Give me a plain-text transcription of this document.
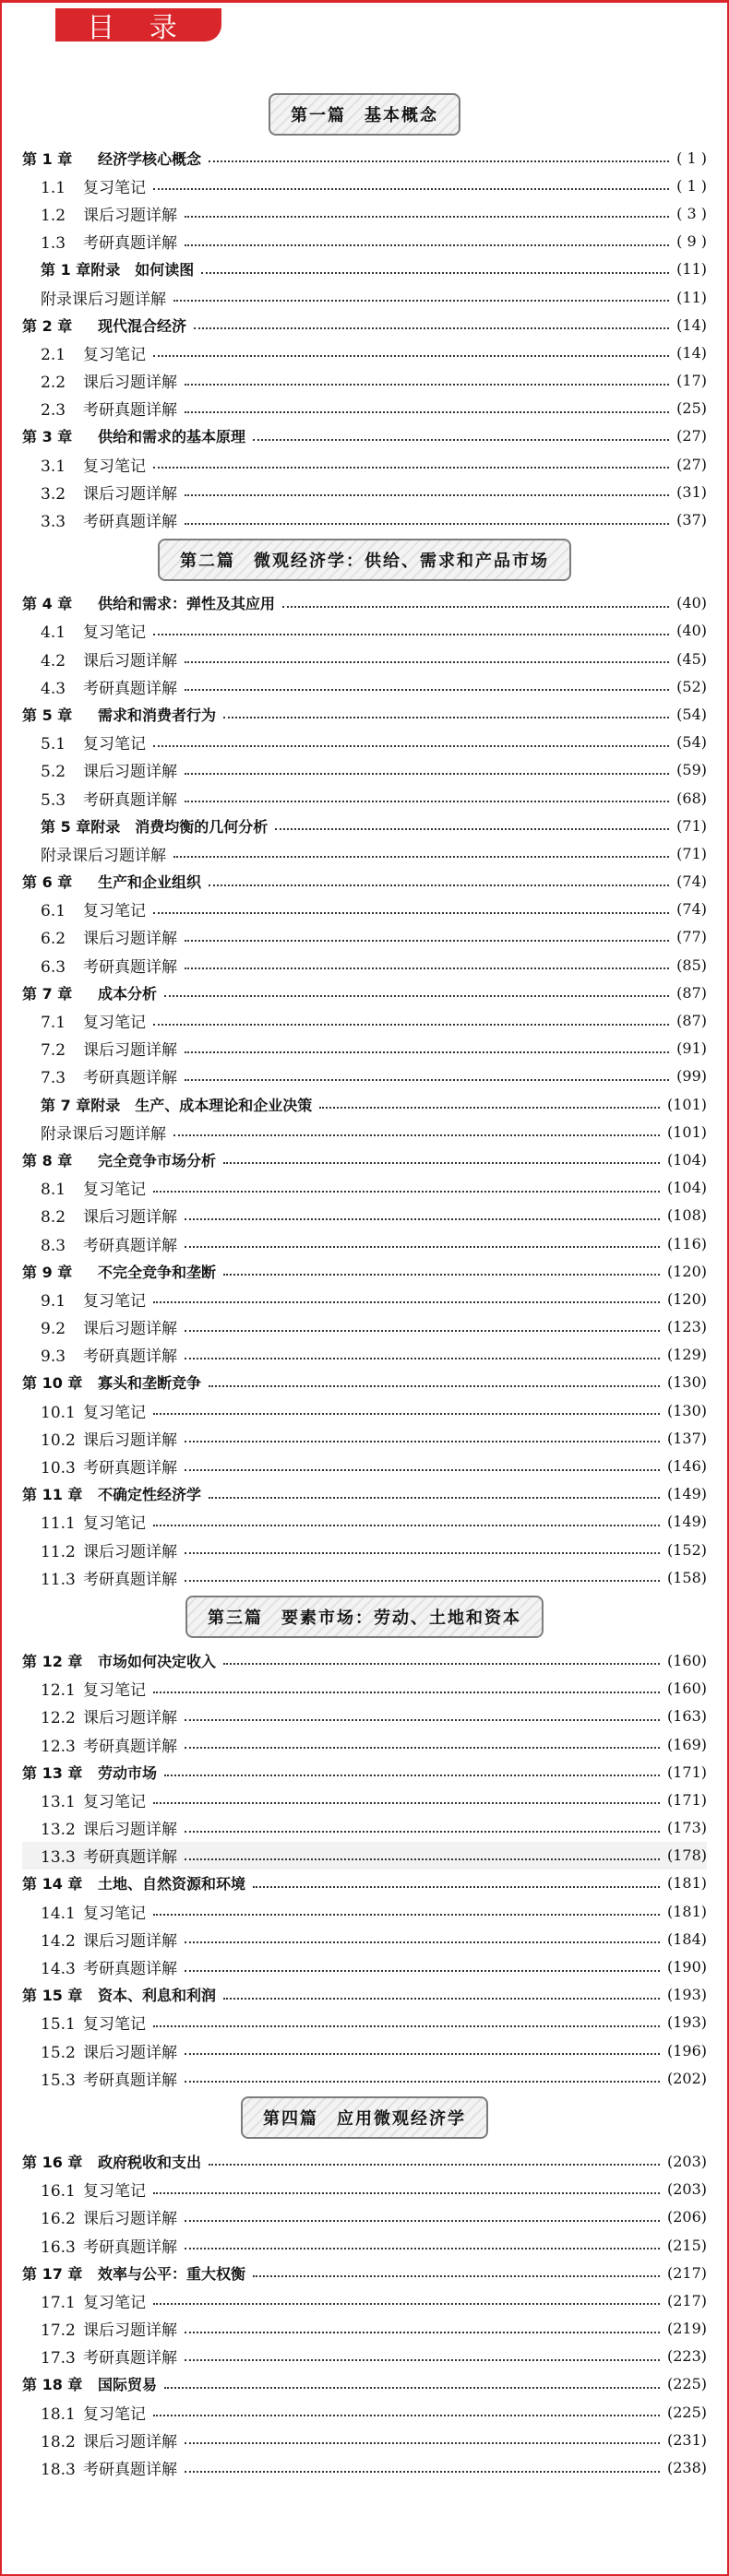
目 录
第一篇　基本概念
第 1 章 经济学核心概念	( 1 )
1.1 复习笔记	( 1 )
1.2 课后习题详解	( 3 )
1.3 考研真题详解	( 9 )
第 1 章附录　如何读图	(11)
附录课后习题详解	(11)
第 2 章 现代混合经济	(14)
2.1 复习笔记	(14)
2.2 课后习题详解	(17)
2.3 考研真题详解	(25)
第 3 章 供给和需求的基本原理	(27)
3.1 复习笔记	(27)
3.2 课后习题详解	(31)
3.3 考研真题详解	(37)
第二篇　微观经济学：供给、需求和产品市场
第 4 章 供给和需求：弹性及其应用	(40)
4.1 复习笔记	(40)
4.2 课后习题详解	(45)
4.3 考研真题详解	(52)
第 5 章 需求和消费者行为	(54)
5.1 复习笔记	(54)
5.2 课后习题详解	(59)
5.3 考研真题详解	(68)
第 5 章附录　消费均衡的几何分析	(71)
附录课后习题详解	(71)
第 6 章 生产和企业组织	(74)
6.1 复习笔记	(74)
6.2 课后习题详解	(77)
6.3 考研真题详解	(85)
第 7 章 成本分析	(87)
7.1 复习笔记	(87)
7.2 课后习题详解	(91)
7.3 考研真题详解	(99)
第 7 章附录　生产、成本理论和企业决策	(101)
附录课后习题详解	(101)
第 8 章 完全竞争市场分析	(104)
8.1 复习笔记	(104)
8.2 课后习题详解	(108)
8.3 考研真题详解	(116)
第 9 章 不完全竞争和垄断	(120)
9.1 复习笔记	(120)
9.2 课后习题详解	(123)
9.3 考研真题详解	(129)
第 10 章 寡头和垄断竞争	(130)
10.1 复习笔记	(130)
10.2 课后习题详解	(137)
10.3 考研真题详解	(146)
第 11 章 不确定性经济学	(149)
11.1 复习笔记	(149)
11.2 课后习题详解	(152)
11.3 考研真题详解	(158)
第三篇　要素市场：劳动、土地和资本
第 12 章 市场如何决定收入	(160)
12.1 复习笔记	(160)
12.2 课后习题详解	(163)
12.3 考研真题详解	(169)
第 13 章 劳动市场	(171)
13.1 复习笔记	(171)
13.2 课后习题详解	(173)
13.3 考研真题详解	(178)
第 14 章 土地、自然资源和环境	(181)
14.1 复习笔记	(181)
14.2 课后习题详解	(184)
14.3 考研真题详解	(190)
第 15 章 资本、利息和利润	(193)
15.1 复习笔记	(193)
15.2 课后习题详解	(196)
15.3 考研真题详解	(202)
第四篇　应用微观经济学
第 16 章 政府税收和支出	(203)
16.1 复习笔记	(203)
16.2 课后习题详解	(206)
16.3 考研真题详解	(215)
第 17 章 效率与公平：重大权衡	(217)
17.1 复习笔记	(217)
17.2 课后习题详解	(219)
17.3 考研真题详解	(223)
第 18 章 国际贸易	(225)
18.1 复习笔记	(225)
18.2 课后习题详解	(231)
18.3 考研真题详解	(238)
